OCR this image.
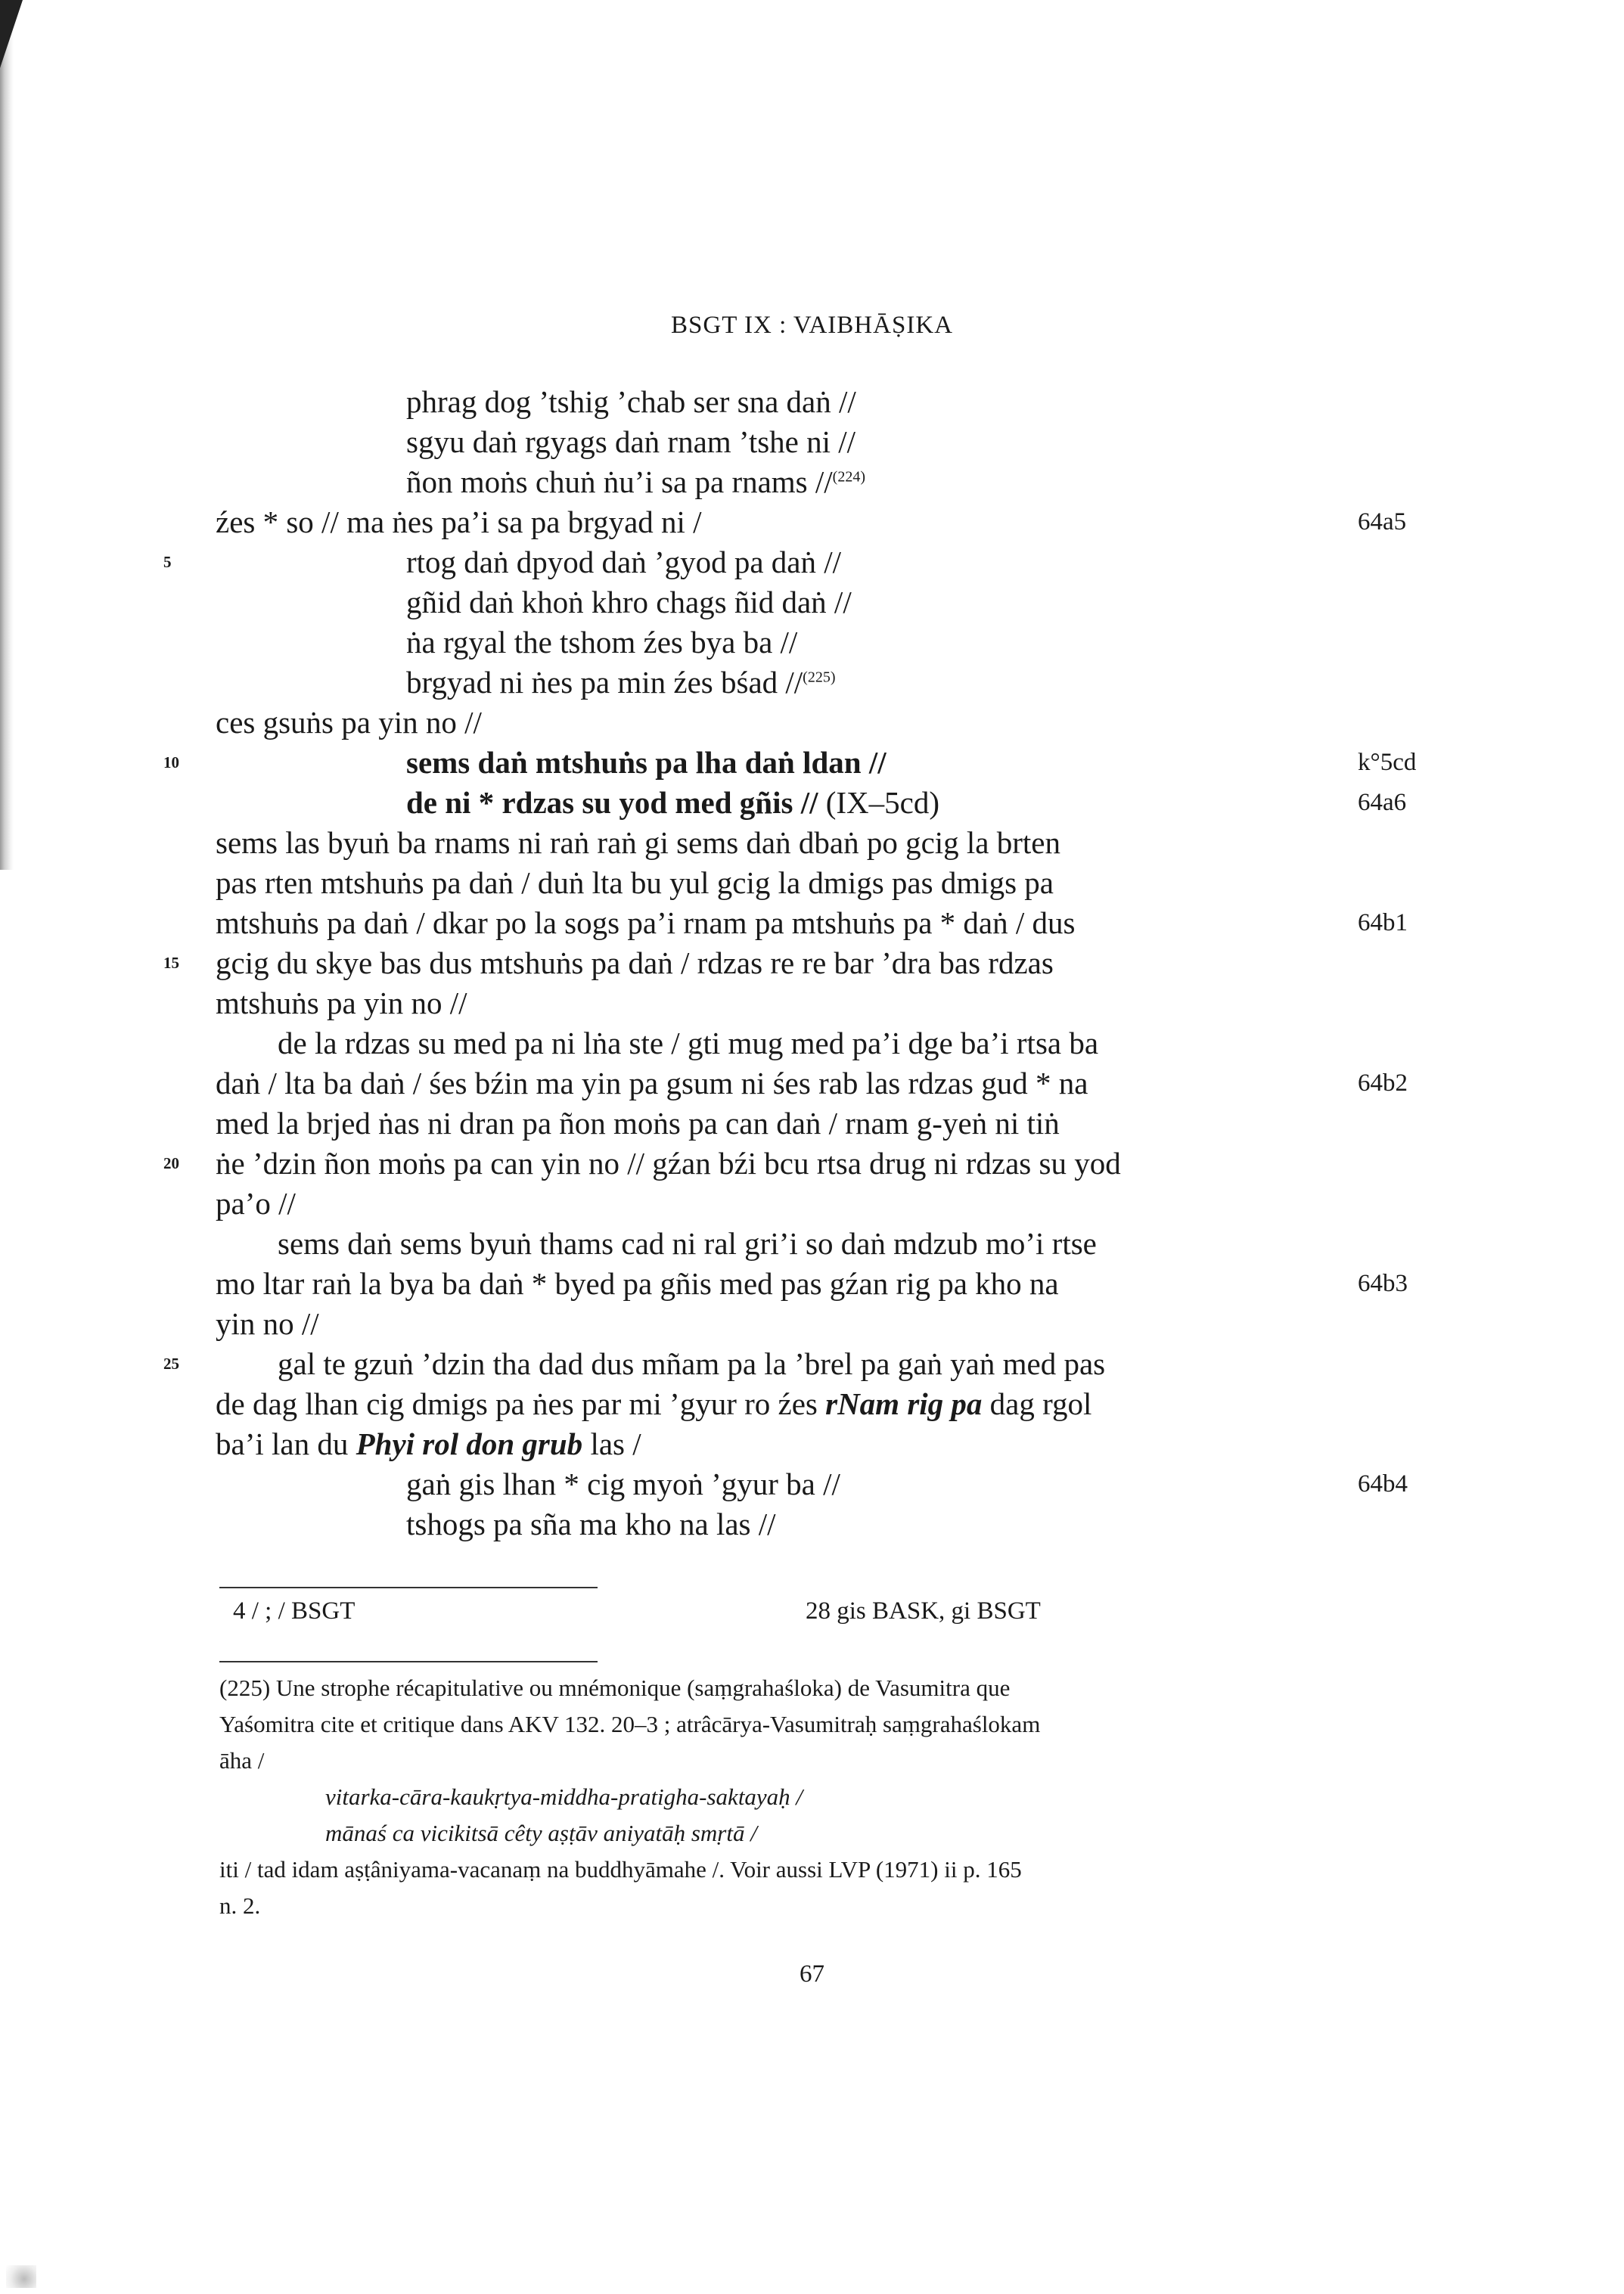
BSGT IX : VAIBHĀṢIKA
phrag dog ’tshig ’chab ser sna daṅ //
sgyu daṅ rgyags daṅ rnam ’tshe ni //
ñon moṅs chuṅ ṅu’i sa pa rnams //$^{(224)}$
źes * so // ma ṅes pa’i sa pa brgyad ni /	64a5
rtog daṅ dpyod daṅ ’gyod pa daṅ //
5
gñid daṅ khoṅ khro chags ñid daṅ //
ṅa rgyal the tshom źes bya ba //
brgyad ni ṅes pa min źes bśad //$^{(225)}$
ces gsuṅs pa yin no //
sems daṅ mtshuṅs pa lha daṅ ldan //
10	k°5cd
de ni * rdzas su yod med gñis // (IX–5cd)	64a6
sems las byuṅ ba rnams ni raṅ raṅ gi sems daṅ dbaṅ po gcig la brten
pas rten mtshuṅs pa daṅ / duṅ lta bu yul gcig la dmigs pas dmigs pa
mtshuṅs pa daṅ / dkar po la sogs pa’i rnam pa mtshuṅs pa * daṅ / dus	64b1
gcig du skye bas dus mtshuṅs pa daṅ / rdzas re re bar ’dra bas rdzas
15
mtshuṅs pa yin no //
de la rdzas su med pa ni lṅa ste / gti mug med pa’i dge ba’i rtsa ba
daṅ / lta ba daṅ / śes bźin ma yin pa gsum ni śes rab las rdzas gud * na	64b2
med la brjed ṅas ni dran pa ñon moṅs pa can daṅ / rnam g-yeṅ ni tiṅ
ṅe ’dzin ñon moṅs pa can yin no // gźan bźi bcu rtsa drug ni rdzas su yod
20
pa’o //
sems daṅ sems byuṅ thams cad ni ral gri’i so daṅ mdzub mo’i rtse
mo ltar raṅ la bya ba daṅ * byed pa gñis med pas gźan rig pa kho na	64b3
yin no //
gal te gzuṅ ’dzin tha dad dus mñam pa la ’brel pa gaṅ yaṅ med pas
25
de dag lhan cig dmigs pa ṅes par mi ’gyur ro źes rNam rig pa dag rgol
ba’i lan du Phyi rol don grub las /
gaṅ gis lhan * cig myoṅ ’gyur ba //	64b4
tshogs pa sña ma kho na las //
4 / ; / BSGT	28 gis BASK, gi BSGT
(225) Une strophe récapitulative ou mnémonique (saṃgrahaśloka) de Vasumitra que
Yaśomitra cite et critique dans AKV 132. 20–3 ; atrâcārya-Vasumitraḥ saṃgrahaślokam
āha /
vitarka-cāra-kaukṛtya-middha-pratigha-saktayaḥ /
mānaś ca vicikitsā cêty aṣṭāv aniyatāḥ smṛtā /
iti / tad idam aṣṭâniyama-vacanaṃ na buddhyāmahe /. Voir aussi LVP (1971) ii p. 165
n. 2.
67
